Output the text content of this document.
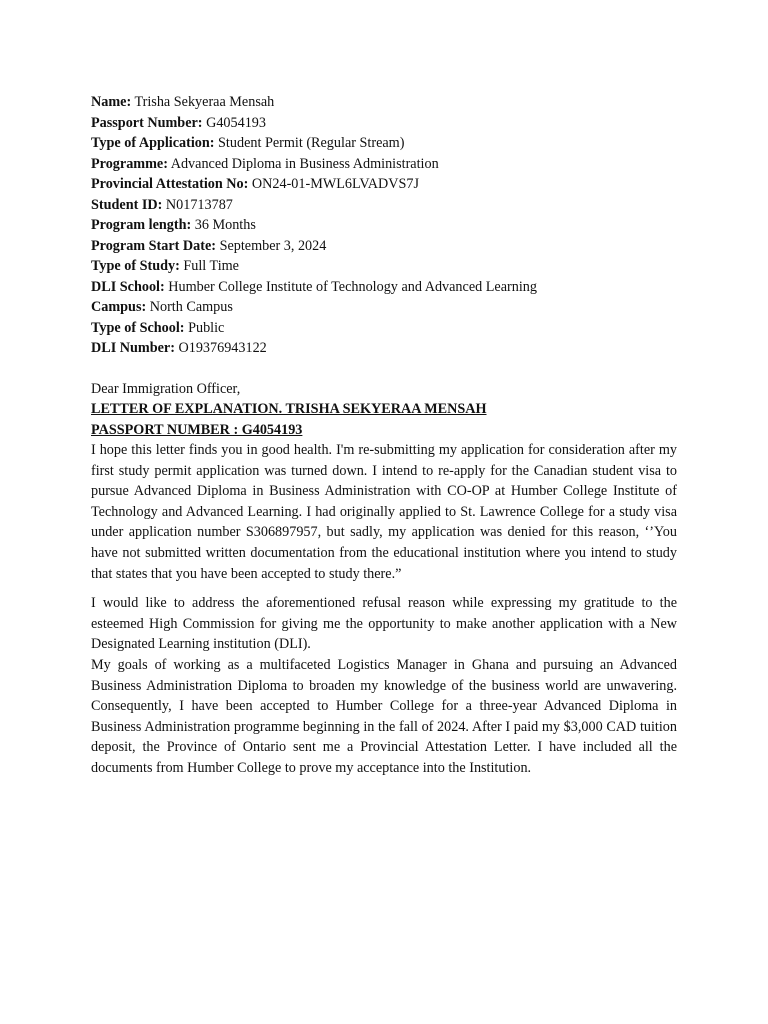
Name: Trisha Sekyeraa Mensah
Passport Number: G4054193
Type of Application: Student Permit (Regular Stream)
Programme: Advanced Diploma in Business Administration
Provincial Attestation No: ON24-01-MWL6LVADVS7J
Student ID: N01713787
Program length: 36 Months
Program Start Date: September 3, 2024
Type of Study: Full Time
DLI School: Humber College Institute of Technology and Advanced Learning
Campus: North Campus
Type of School: Public
DLI Number: O19376943122
Dear Immigration Officer,
LETTER OF EXPLANATION. TRISHA SEKYERAA MENSAH
PASSPORT NUMBER : G4054193

I hope this letter finds you in good health. I'm re-submitting my application for consideration after my first study permit application was turned down. I intend to re-apply for the Canadian student visa to pursue Advanced Diploma in Business Administration with CO-OP at Humber College Institute of Technology and Advanced Learning. I had originally applied to St. Lawrence College for a study visa under application number S306897957, but sadly, my application was denied for this reason, ‘’You have not submitted written documentation from the educational institution where you intend to study that states that you have been accepted to study there.”

I would like to address the aforementioned refusal reason while expressing my gratitude to the esteemed High Commission for giving me the opportunity to make another application with a New Designated Learning institution (DLI).

My goals of working as a multifaceted Logistics Manager in Ghana and pursuing an Advanced Business Administration Diploma to broaden my knowledge of the business world are unwavering. Consequently, I have been accepted to Humber College for a three-year Advanced Diploma in Business Administration programme beginning in the fall of 2024. After I paid my $3,000 CAD tuition deposit, the Province of Ontario sent me a Provincial Attestation Letter. I have included all the documents from Humber College to prove my acceptance into the Institution.
